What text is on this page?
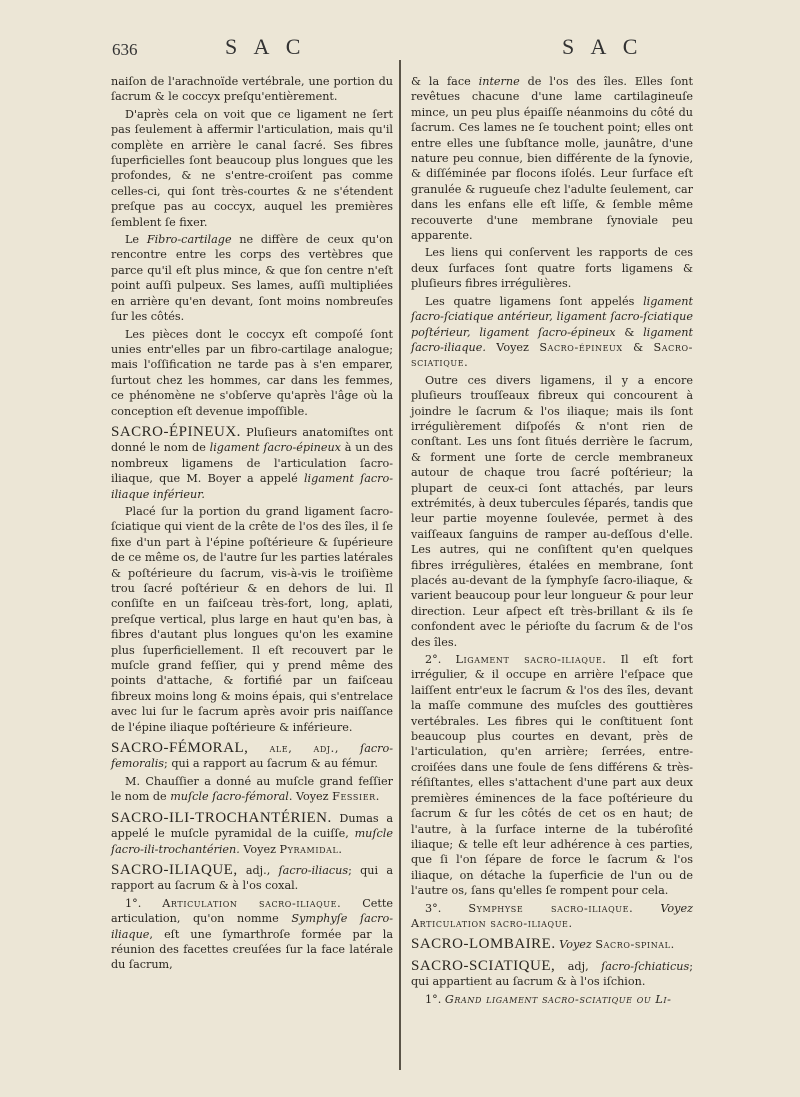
636	S A C	S A C

naiſon de l'arachnoïde vertébrale, une portion du ſacrum & le coccyx preſqu'entièrement.

D'après cela on voit que ce ligament ne ſert pas ſeulement à affermir l'articulation, mais qu'il complète en arrière le canal ſacré. Ses fibres ſuperficielles ſont beaucoup plus longues que les profondes, & ne s'entre-croiſent pas comme celles-ci, qui ſont très-courtes & ne s'étendent preſque pas au coccyx, auquel les premières ſemblent ſe fixer.

Le Fibro-cartilage ne diffère de ceux qu'on rencontre entre les corps des vertèbres que parce qu'il eſt plus mince, & que ſon centre n'eſt point auſſi pulpeux. Ses lames, auſſi multipliées en arrière qu'en devant, ſont moins nombreuſes ſur les côtés.

Les pièces dont le coccyx eſt compoſé ſont unies entr'elles par un fibro-cartilage analogue; mais l'oſſification ne tarde pas à s'en emparer, ſurtout chez les hommes, car dans les femmes, ce phénomène ne s'obſerve qu'après l'âge où la conception eſt devenue impoſſible.

SACRO-ÉPINEUX. Pluſieurs anatomiſtes ont donné le nom de ligament ſacro-épineux à un des nombreux ligamens de l'articulation ſacro-iliaque, que M. Boyer a appelé ligament ſacro-iliaque inférieur.

Placé ſur la portion du grand ligament ſacro-ſciatique qui vient de la crête de l'os des îles, il ſe fixe d'un part à l'épine poſtérieure & ſupérieure de ce même os, de l'autre ſur les parties latérales & poſtérieure du ſacrum, vis-à-vis le troiſième trou ſacré poſtérieur & en dehors de lui. Il conſiſte en un faiſceau très-fort, long, aplati, preſque vertical, plus large en haut qu'en bas, à fibres d'autant plus longues qu'on les examine plus ſuperficiellement. Il eſt recouvert par le muſcle grand feſſier, qui y prend même des points d'attache, & fortifié par un faiſceau fibreux moins long & moins épais, qui s'entrelace avec lui ſur le ſacrum après avoir pris naiſſance de l'épine iliaque poſtérieure & inférieure.

SACRO-FÉMORAL, ale, adj., ſacro-femoralis; qui a rapport au ſacrum & au fémur.

M. Chauſſier a donné au muſcle grand feſſier le nom de muſcle ſacro-fémoral. Voyez Fessier.

SACRO-ILI-TROCHANTÉRIEN. Dumas a appelé le muſcle pyramidal de la cuiſſe, muſcle ſacro-ili-trochantérien. Voyez Pyramidal.

SACRO-ILIAQUE, adj., ſacro-iliacus; qui a rapport au ſacrum & à l'os coxal.

1°. Articulation sacro-iliaque. Cette articulation, qu'on nomme Symphyſe ſacro-iliaque, eſt une ſymarthroſe formée par la réunion des facettes creuſées ſur la face latérale du ſacrum,

& la face interne de l'os des îles. Elles ſont revêtues chacune d'une lame cartilagineuſe mince, un peu plus épaiſſe néanmoins du côté du ſacrum. Ces lames ne ſe touchent point; elles ont entre elles une ſubſtance molle, jaunâtre, d'une nature peu connue, bien différente de la ſynovie, & diſſéminée par flocons iſolés. Leur ſurface eſt granulée & rugueuſe chez l'adulte ſeulement, car dans les enfans elle eſt liſſe, & ſemble même recouverte d'une membrane ſynoviale peu apparente.

Les liens qui conſervent les rapports de ces deux ſurfaces ſont quatre forts ligamens & pluſieurs fibres irrégulières.

Les quatre ligamens ſont appelés ligament ſacro-ſciatique antérieur, ligament ſacro-ſciatique poſtérieur, ligament ſacro-épineux & ligament ſacro-iliaque. Voyez Sacro-épineux & Sacro-sciatique.

Outre ces divers ligamens, il y a encore pluſieurs trouſſeaux fibreux qui concourent à joindre le ſacrum & l'os iliaque; mais ils ſont irrégulièrement diſpoſés & n'ont rien de conſtant. Les uns ſont ſitués derrière le ſacrum, & forment une ſorte de cercle membraneux autour de chaque trou ſacré poſtérieur; la plupart de ceux-ci ſont attachés, par leurs extrémités, à deux tubercules ſéparés, tandis que leur partie moyenne ſoulevée, permet à des vaiſſeaux ſanguins de ramper au-deſſous d'elle. Les autres, qui ne conſiſtent qu'en quelques fibres irrégulières, étalées en membrane, ſont placés au-devant de la ſymphyſe ſacro-iliaque, & varient beaucoup pour leur longueur & pour leur direction. Leur aſpect eſt très-brillant & ils ſe confondent avec le périoſte du ſacrum & de l'os des îles.

2°. Ligament sacro-iliaque. Il eſt fort irrégulier, & il occupe en arrière l'eſpace que laiſſent entr'eux le ſacrum & l'os des îles, devant la maſſe commune des muſcles des gouttières vertébrales. Les fibres qui le conſtituent ſont beaucoup plus courtes en devant, près de l'articulation, qu'en arrière; ſerrées, entre-croiſées dans une foule de ſens différens & très-réſiſtantes, elles s'attachent d'une part aux deux premières éminences de la face poſtérieure du ſacrum & ſur les côtés de cet os en haut; de l'autre, à la ſurface interne de la tubéroſité iliaque; & telle eſt leur adhérence à ces parties, que ſi l'on ſépare de force le ſacrum & l'os iliaque, on détache la ſuperficie de l'un ou de l'autre os, ſans qu'elles ſe rompent pour cela.

3°. Symphyse sacro-iliaque. Voyez Articulation sacro-iliaque.

SACRO-LOMBAIRE. Voyez Sacro-spinal.

SACRO-SCIATIQUE, adj, ſacro-ſchiaticus; qui appartient au ſacrum & à l'os iſchion.

1°. Grand ligament sacro-sciatique ou Li-
